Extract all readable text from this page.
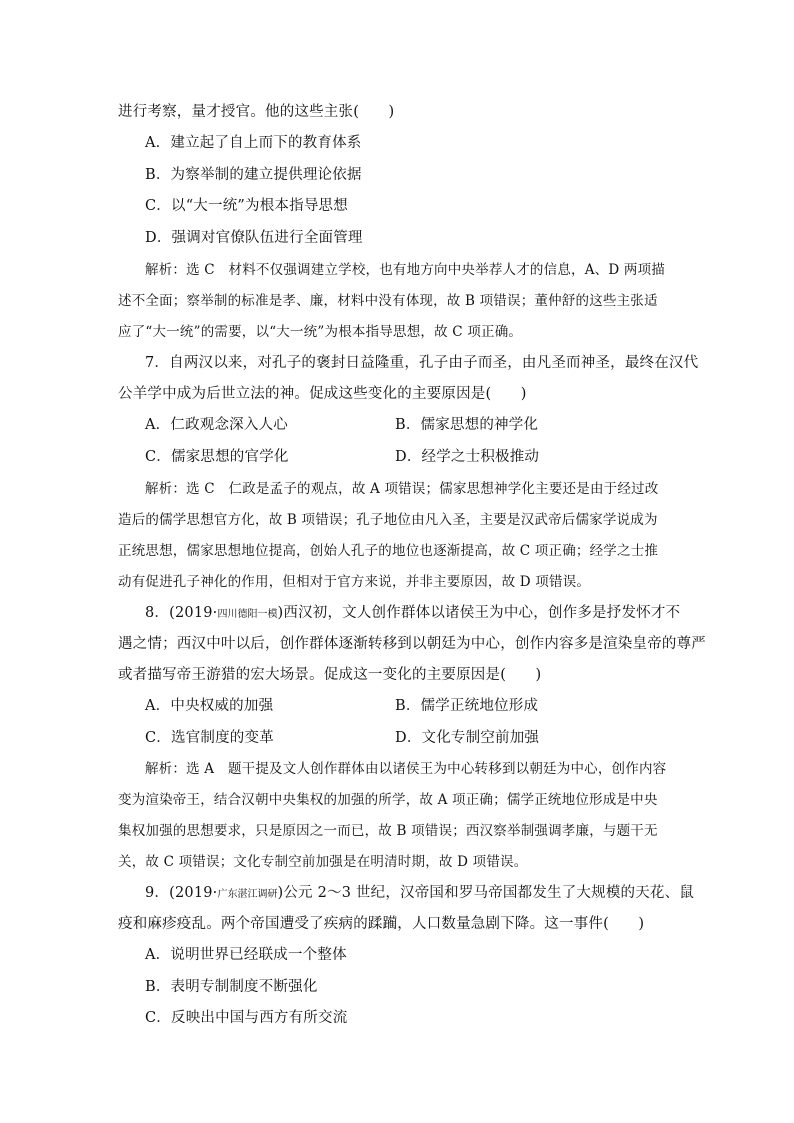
进行考察，量才授官。他的这些主张(　　)
A．建立起了自上而下的教育体系
B．为察举制的建立提供理论依据
C．以“大一统”为根本指导思想
D．强调对官僚队伍进行全面管理
解析：选 C　材料不仅强调建立学校，也有地方向中央举荐人才的信息，A、D 两项描
述不全面；察举制的标准是孝、廉，材料中没有体现，故 B 项错误；董仲舒的这些主张适
应了“大一统”的需要，以“大一统”为根本指导思想，故 C 项正确。
7．自两汉以来，对孔子的褒封日益隆重，孔子由子而圣，由凡圣而神圣，最终在汉代
公羊学中成为后世立法的神。促成这些变化的主要原因是(　　)
A．仁政观念深入人心	B．儒家思想的神学化
C．儒家思想的官学化	D．经学之士积极推动
解析：选 C　仁政是孟子的观点，故 A 项错误；儒家思想神学化主要还是由于经过改
造后的儒学思想官方化，故 B 项错误；孔子地位由凡入圣，主要是汉武帝后儒家学说成为
正统思想，儒家思想地位提高，创始人孔子的地位也逐渐提高，故 C 项正确；经学之士推
动有促进孔子神化的作用，但相对于官方来说，并非主要原因，故 D 项错误。
8．(2019·四川德阳一模)西汉初，文人创作群体以诸侯王为中心，创作多是抒发怀才不
遇之情；西汉中叶以后，创作群体逐渐转移到以朝廷为中心，创作内容多是渲染皇帝的尊严
或者描写帝王游猎的宏大场景。促成这一变化的主要原因是(　　)
A．中央权威的加强	B．儒学正统地位形成
C．选官制度的变革	D．文化专制空前加强
解析：选 A　题干提及文人创作群体由以诸侯王为中心转移到以朝廷为中心，创作内容
变为渲染帝王，结合汉朝中央集权的加强的所学，故 A 项正确；儒学正统地位形成是中央
集权加强的思想要求，只是原因之一而已，故 B 项错误；西汉察举制强调孝廉，与题干无
关，故 C 项错误；文化专制空前加强是在明清时期，故 D 项错误。
9．(2019·广东湛江调研)公元 2～3 世纪，汉帝国和罗马帝国都发生了大规模的天花、鼠
疫和麻疹疫乱。两个帝国遭受了疾病的蹂躏，人口数量急剧下降。这一事件(　　)
A．说明世界已经联成一个整体
B．表明专制制度不断强化
C．反映出中国与西方有所交流
